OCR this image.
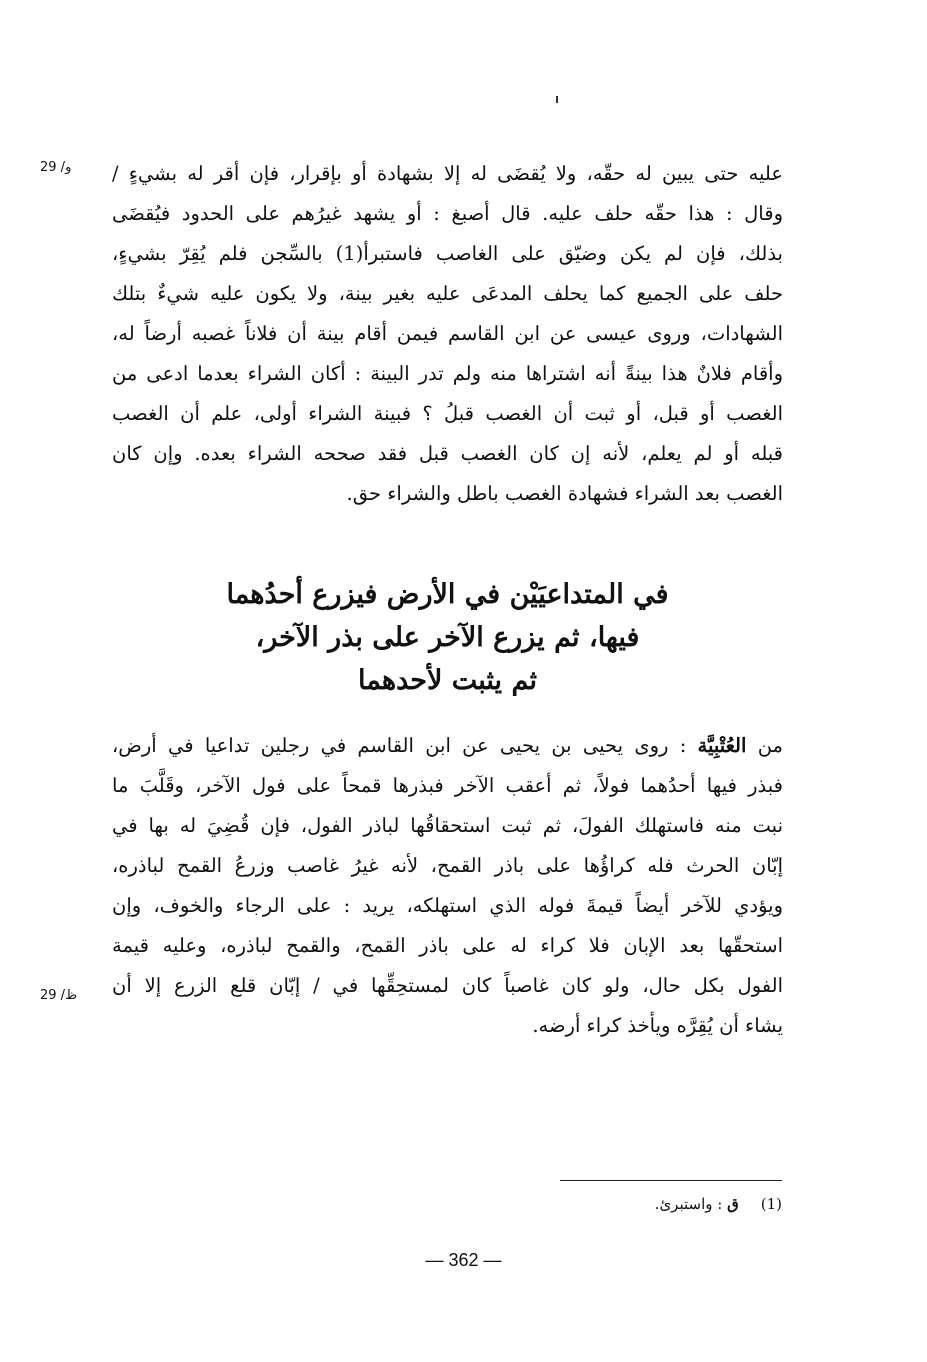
29 /و
29 /ظ
عليه حتى يبين له حقّه، ولا يُقضَى له إلا بشهادة أو بإقرار، فإن أقر له بشيءٍ /
وقال : هذا حقّه حلف عليه. قال أصبغ : أو يشهد غيرُهم على الحدود فيُقضَى
بذلك، فإن لم يكن وضيّق على الغاصب فاستبرأ(1) بالسِّجن فلم يُقِرّ بشيءٍ،
حلف على الجميع كما يحلف المدعَى عليه بغير بينة، ولا يكون عليه شيءٌ بتلك
الشهادات، وروى عيسى عن ابن القاسم فيمن أقام بينة أن فلاناً غصبه أرضاً له،
وأقام فلانٌ هذا بينةً أنه اشتراها منه ولم تدر البينة : أكان الشراء بعدما ادعى من
الغصب أو قبل، أو ثبت أن الغصب قبلُ ؟ فبينة الشراء أولى، علم أن الغصب
قبله أو لم يعلم، لأنه إن كان الغصب قبل فقد صححه الشراء بعده. وإن كان
الغصب بعد الشراء فشهادة الغصب باطل والشراء حق.
في المتداعيَيْن في الأرض فيزرع أحدُهما
فيها، ثم يزرع الآخر على بذر الآخر،
ثم يثبت لأحدهما
من العُتْبِيَّة : روى يحيى بن يحيى عن ابن القاسم في رجلين تداعيا في أرض،
فبذر فيها أحدُهما فولاً، ثم أعقب الآخر فبذرها قمحاً على فول الآخر، وقَلَّبَ ما
نبت منه فاستهلك الفولَ، ثم ثبت استحقاقُها لباذر الفول، فإن قُضِيَ له بها في
إبّان الحرث فله كراؤُها على باذر القمح، لأنه غيرُ غاصب وزرعُ القمح لباذره،
ويؤدي للآخر أيضاً قيمةَ فوله الذي استهلكه، يريد : على الرجاء والخوف، وإن
استحقّها بعد الإبان فلا كراء له على باذر القمح، والقمح لباذره، وعليه قيمة
الفول بكل حال، ولو كان غاصباً كان لمستحِقِّها في / إبّان قلع الزرع إلا أن
يشاء أن يُقِرَّه ويأخذ كراء أرضه.
(1)ق : واستبرئ.
— 362 —
